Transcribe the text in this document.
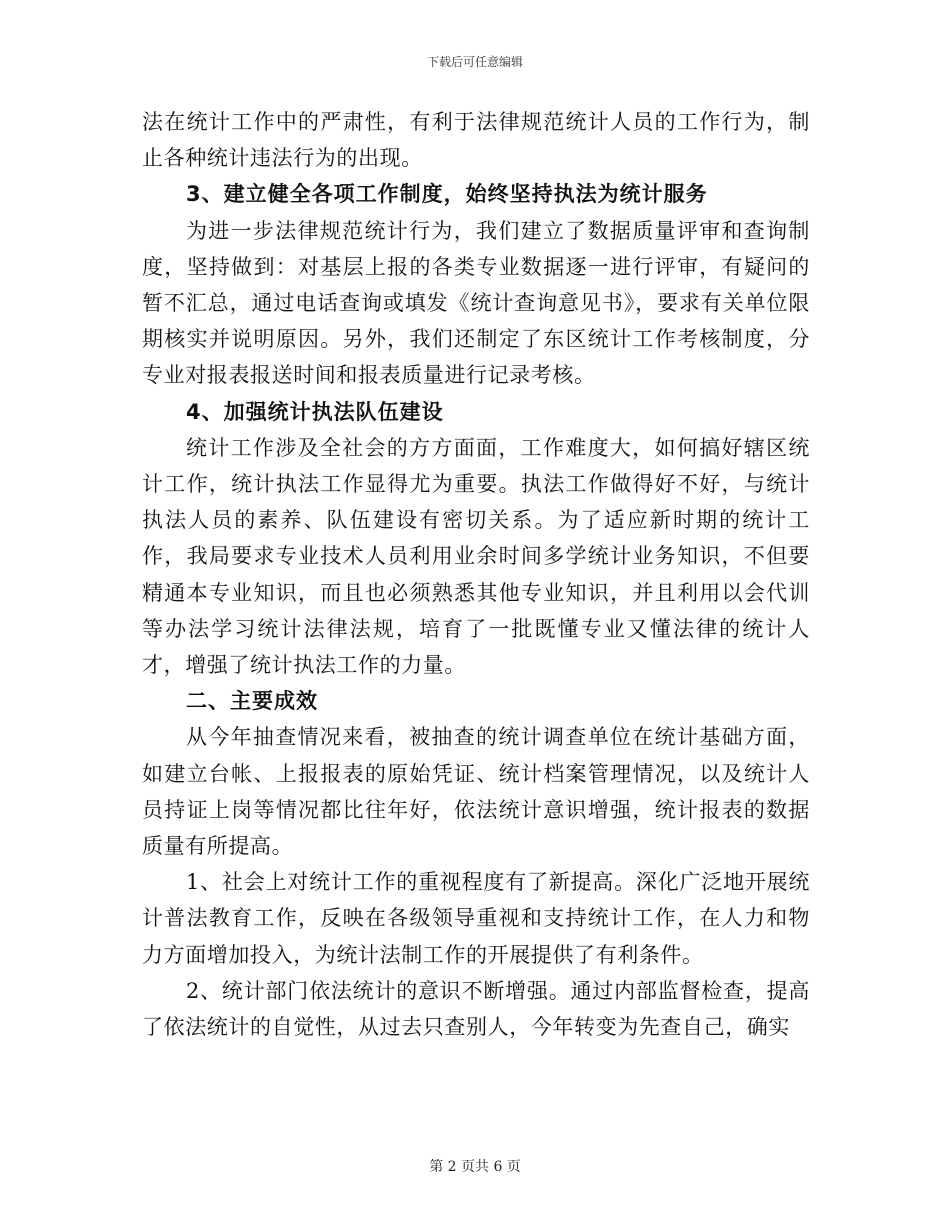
下载后可任意编辑

法在统计工作中的严肃性，有利于法律规范统计人员的工作行为，制止各种统计违法行为的出现。

3、建立健全各项工作制度，始终坚持执法为统计服务

为进一步法律规范统计行为，我们建立了数据质量评审和查询制度，坚持做到：对基层上报的各类专业数据逐一进行评审，有疑问的暂不汇总，通过电话查询或填发《统计查询意见书》，要求有关单位限期核实并说明原因。另外，我们还制定了东区统计工作考核制度，分专业对报表报送时间和报表质量进行记录考核。

4、加强统计执法队伍建设

统计工作涉及全社会的方方面面，工作难度大，如何搞好辖区统计工作，统计执法工作显得尤为重要。执法工作做得好不好，与统计执法人员的素养、队伍建设有密切关系。为了适应新时期的统计工作，我局要求专业技术人员利用业余时间多学统计业务知识，不但要精通本专业知识，而且也必须熟悉其他专业知识，并且利用以会代训等办法学习统计法律法规，培育了一批既懂专业又懂法律的统计人才，增强了统计执法工作的力量。

二、主要成效

从今年抽查情况来看，被抽查的统计调查单位在统计基础方面，如建立台帐、上报报表的原始凭证、统计档案管理情况，以及统计人员持证上岗等情况都比往年好，依法统计意识增强，统计报表的数据质量有所提高。

1、社会上对统计工作的重视程度有了新提高。深化广泛地开展统计普法教育工作，反映在各级领导重视和支持统计工作，在人力和物力方面增加投入，为统计法制工作的开展提供了有利条件。

2、统计部门依法统计的意识不断增强。通过内部监督检查，提高了依法统计的自觉性，从过去只查别人，今年转变为先查自己，确实

第 2 页共 6 页
